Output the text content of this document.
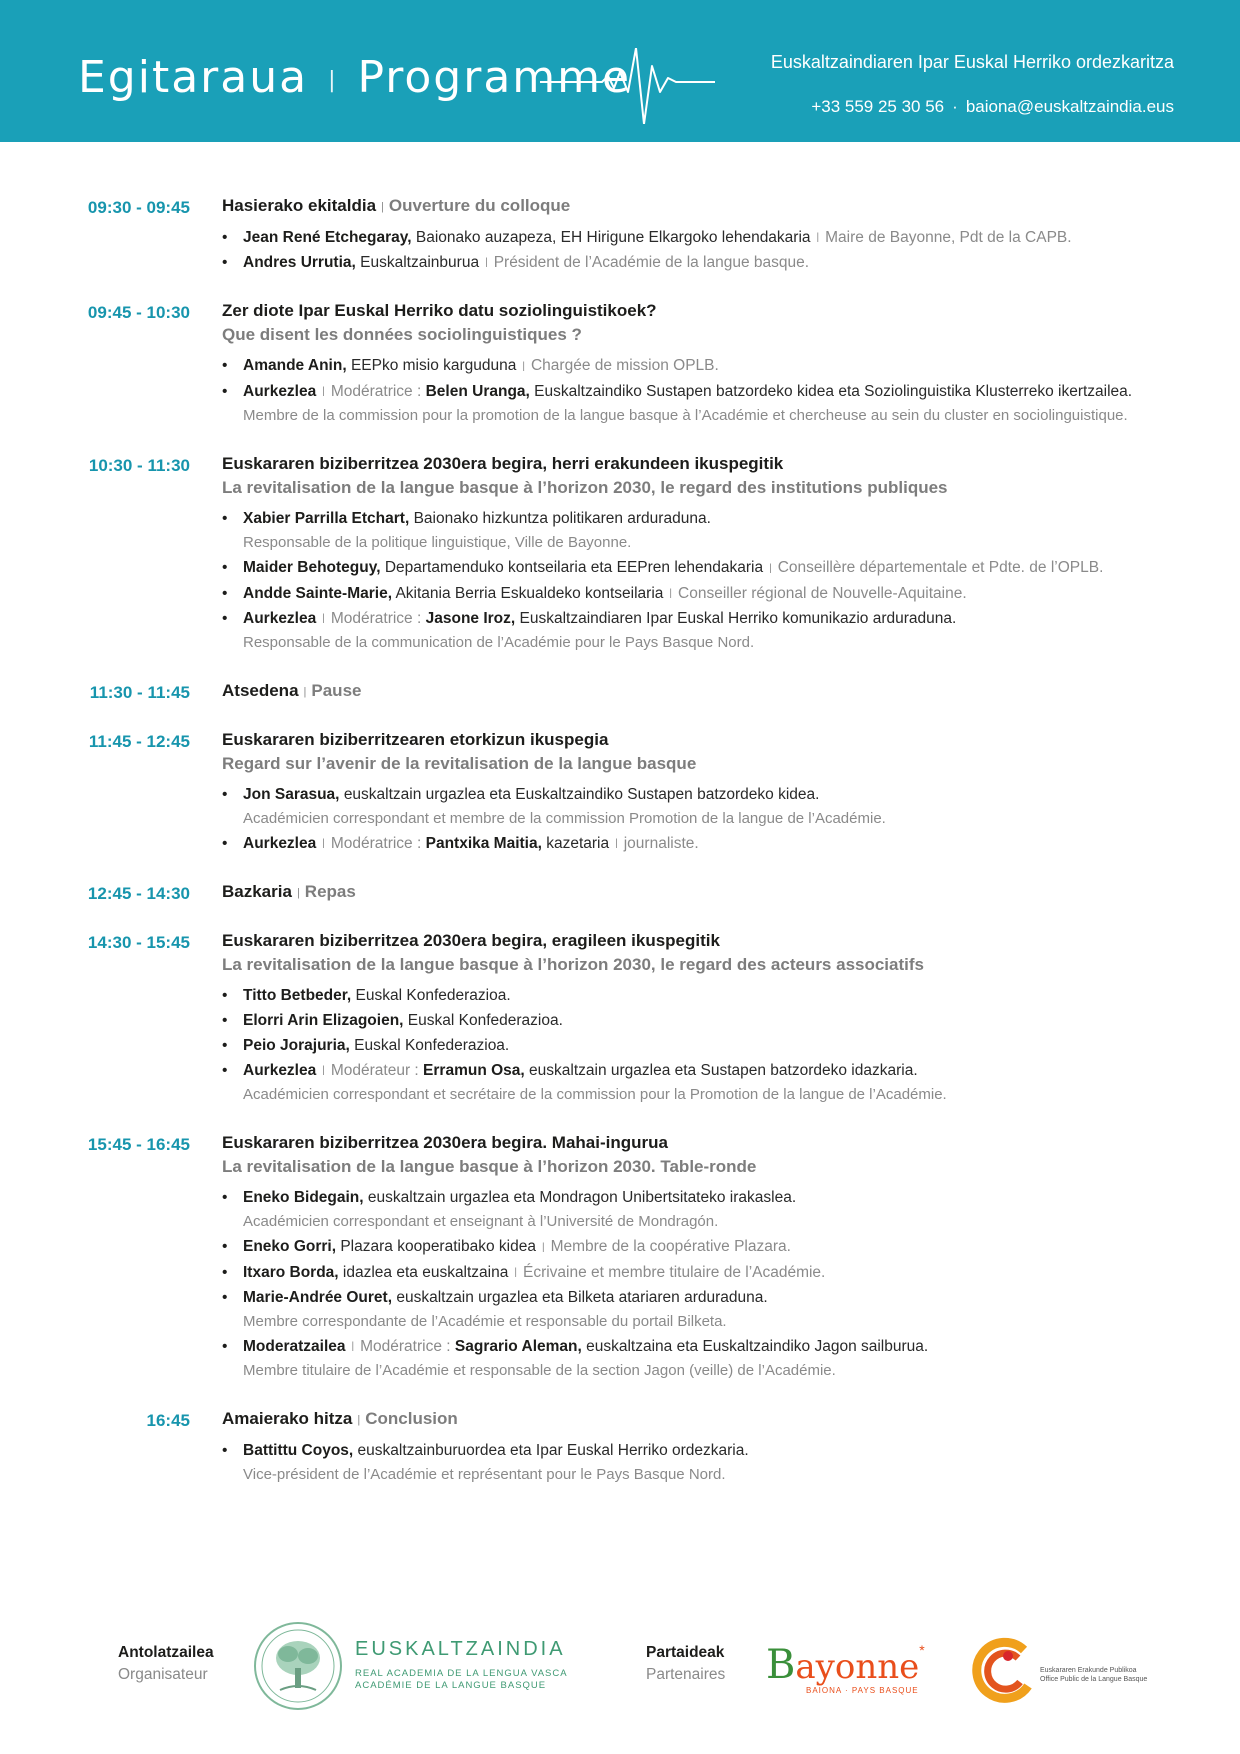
Egitaraua | Programme	Euskaltzaindiaren Ipar Euskal Herriko ordezkaritza
+33 559 25 30 56 · baiona@euskaltzaindia.eus
09:30 - 09:45 Hasierako ekitaldia | Ouverture du colloque
• Jean René Etchegaray, Baionako auzapeza, EH Hirigune Elkargoko lehendakaria | Maire de Bayonne, Pdt de la CAPB.
• Andres Urrutia, Euskaltzainburua | Président de l’Académie de la langue basque.
09:45 - 10:30 Zer diote Ipar Euskal Herriko datu soziolinguistikoek?
Que disent les données sociolinguistiques ?
• Amande Anin, EEPko misio karguduna | Chargée de mission OPLB.
• Aurkezlea | Modératrice : Belen Uranga, Euskaltzaindiko Sustapen batzordeko kidea eta Soziolinguistika Klusterreko ikertzailea.
Membre de la commission pour la promotion de la langue basque à l’Académie et chercheuse au sein du cluster en sociolinguistique.
10:30 - 11:30 Euskararen biziberritzea 2030era begira, herri erakundeen ikuspegitik
La revitalisation de la langue basque à l’horizon 2030, le regard des institutions publiques
• Xabier Parrilla Etchart, Baionako hizkuntza politikaren arduraduna.
Responsable de la politique linguistique, Ville de Bayonne.
• Maider Behoteguy, Departamenduko kontseilaria eta EEPren lehendakaria | Conseillère départementale et Pdte. de l’OPLB.
• Andde Sainte-Marie, Akitania Berria Eskualdeko kontseilaria | Conseiller régional de Nouvelle-Aquitaine.
• Aurkezlea | Modératrice : Jasone Iroz, Euskaltzaindiaren Ipar Euskal Herriko komunikazio arduraduna.
Responsable de la communication de l’Académie pour le Pays Basque Nord.
11:30 - 11:45 Atsedena | Pause
11:45 - 12:45 Euskararen biziberritzearen etorkizun ikuspegia
Regard sur l’avenir de la revitalisation de la langue basque
• Jon Sarasua, euskaltzain urgazlea eta Euskaltzaindiko Sustapen batzordeko kidea.
Académicien correspondant et membre de la commission Promotion de la langue de l’Académie.
• Aurkezlea | Modératrice : Pantxika Maitia, kazetaria | journaliste.
12:45 - 14:30 Bazkaria | Repas
14:30 - 15:45 Euskararen biziberritzea 2030era begira, eragileen ikuspegitik
La revitalisation de la langue basque à l’horizon 2030, le regard des acteurs associatifs
• Titto Betbeder, Euskal Konfederazioa.
• Elorri Arin Elizagoien, Euskal Konfederazioa.
• Peio Jorajuria, Euskal Konfederazioa.
• Aurkezlea | Modérateur : Erramun Osa, euskaltzain urgazlea eta Sustapen batzordeko idazkaria.
Académicien correspondant et secrétaire de la commission pour la Promotion de la langue de l’Académie.
15:45 - 16:45 Euskararen biziberritzea 2030era begira. Mahai-ingurua
La revitalisation de la langue basque à l’horizon 2030. Table-ronde
• Eneko Bidegain, euskaltzain urgazlea eta Mondragon Unibertsitateko irakaslea.
Académicien correspondant et enseignant à l’Université de Mondragón.
• Eneko Gorri, Plazara kooperatibako kidea | Membre de la coopérative Plazara.
• Itxaro Borda, idazlea eta euskaltzaina | Écrivaine et membre titulaire de l’Académie.
• Marie-Andrée Ouret, euskaltzain urgazlea eta Bilketa atariaren arduraduna.
Membre correspondante de l’Académie et responsable du portail Bilketa.
• Moderatzailea | Modératrice : Sagrario Aleman, euskaltzaina eta Euskaltzaindiko Jagon sailburua.
Membre titulaire de l’Académie et responsable de la section Jagon (veille) de l’Académie.
16:45 Amaierako hitza | Conclusion
• Battittu Coyos, euskaltzainburuordea eta Ipar Euskal Herriko ordezkaria.
Vice-président de l’Académie et représentant pour le Pays Basque Nord.
Antolatzailea
Organisateur
EUSKALTZAINDIA
REAL ACADEMIA DE LA LENGUA VASCA
ACADÉMIE DE LA LANGUE BASQUE
Partaideak
Partenaires Bayonne*
BAIONA · PAYS BASQUE
Euskararen Erakunde Publikoa
Office Public de la Langue Basque
